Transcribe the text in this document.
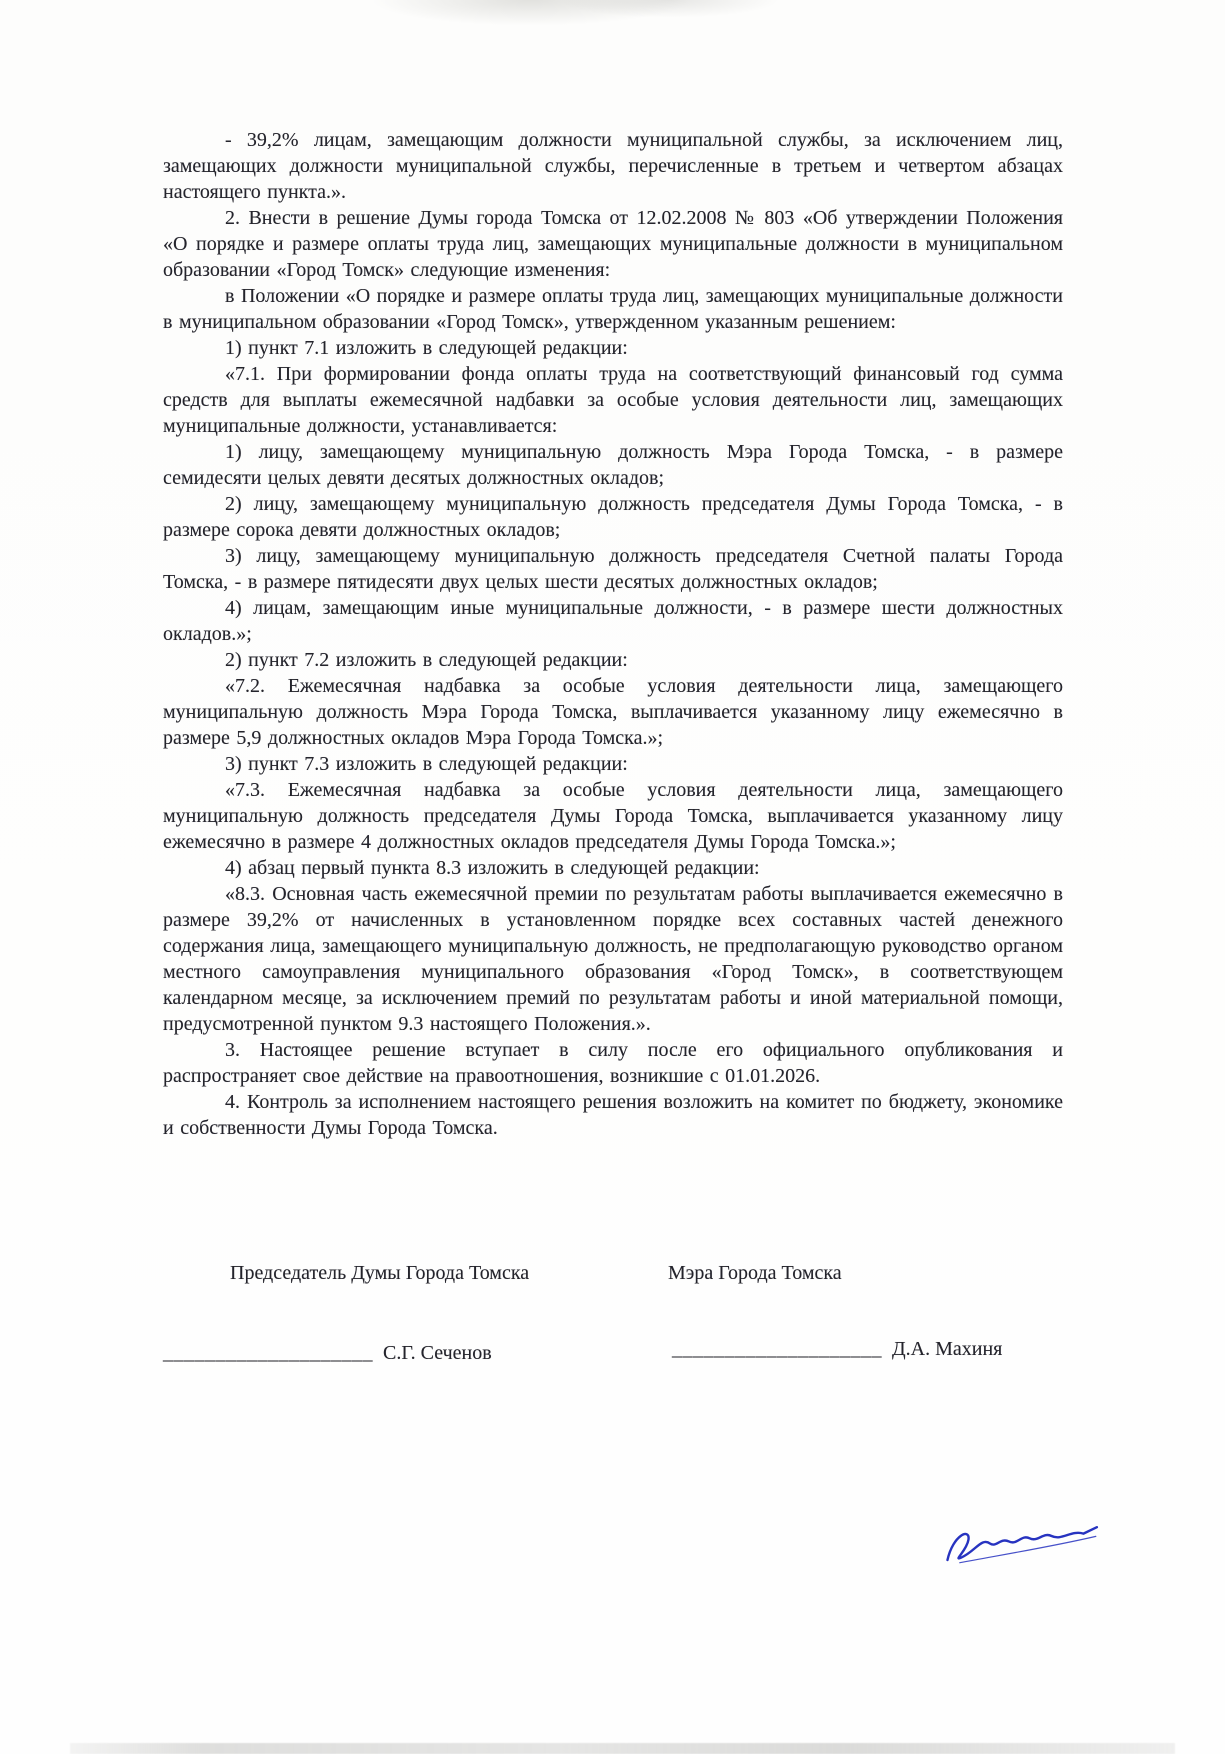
- 39,2% лицам, замещающим должности муниципальной службы, за исключением лиц, замещающих должности муниципальной службы, перечисленные в третьем и четвертом абзацах настоящего пункта.».

2. Внести в решение Думы города Томска от 12.02.2008 № 803 «Об утверждении Положения «О порядке и размере оплаты труда лиц, замещающих муниципальные должности в муниципальном образовании «Город Томск» следующие изменения:

в Положении «О порядке и размере оплаты труда лиц, замещающих муниципальные должности в муниципальном образовании «Город Томск», утвержденном указанным решением:

1) пункт 7.1 изложить в следующей редакции:

«7.1. При формировании фонда оплаты труда на соответствующий финансовый год сумма средств для выплаты ежемесячной надбавки за особые условия деятельности лиц, замещающих муниципальные должности, устанавливается:

1) лицу, замещающему муниципальную должность Мэра Города Томска, - в размере семидесяти целых девяти десятых должностных окладов;

2) лицу, замещающему муниципальную должность председателя Думы Города Томска, - в размере сорока девяти должностных окладов;

3) лицу, замещающему муниципальную должность председателя Счетной палаты Города Томска, - в размере пятидесяти двух целых шести десятых должностных окладов;

4) лицам, замещающим иные муниципальные должности, - в размере шести должностных окладов.»;

2) пункт 7.2 изложить в следующей редакции:

«7.2. Ежемесячная надбавка за особые условия деятельности лица, замещающего муниципальную должность Мэра Города Томска, выплачивается указанному лицу ежемесячно в размере 5,9 должностных окладов Мэра Города Томска.»;

3) пункт 7.3 изложить в следующей редакции:

«7.3. Ежемесячная надбавка за особые условия деятельности лица, замещающего муниципальную должность председателя Думы Города Томска, выплачивается указанному лицу ежемесячно в размере 4 должностных окладов председателя Думы Города Томска.»;

4) абзац первый пункта 8.3 изложить в следующей редакции:

«8.3. Основная часть ежемесячной премии по результатам работы выплачивается ежемесячно в размере 39,2% от начисленных в установленном порядке всех составных частей денежного содержания лица, замещающего муниципальную должность, не предполагающую руководство органом местного самоуправления муниципального образования «Город Томск», в соответствующем календарном месяце, за исключением премий по результатам работы и иной материальной помощи, предусмотренной пунктом 9.3 настоящего Положения.».

3. Настоящее решение вступает в силу после его официального опубликования и распространяет свое действие на правоотношения, возникшие с 01.01.2026.

4. Контроль за исполнением настоящего решения возложить на комитет по бюджету, экономике и собственности Думы Города Томска.

Председатель Думы Города Томска	Мэра Города Томска
____________________ С.Г. Сеченов	____________________ Д.А. Махиня
